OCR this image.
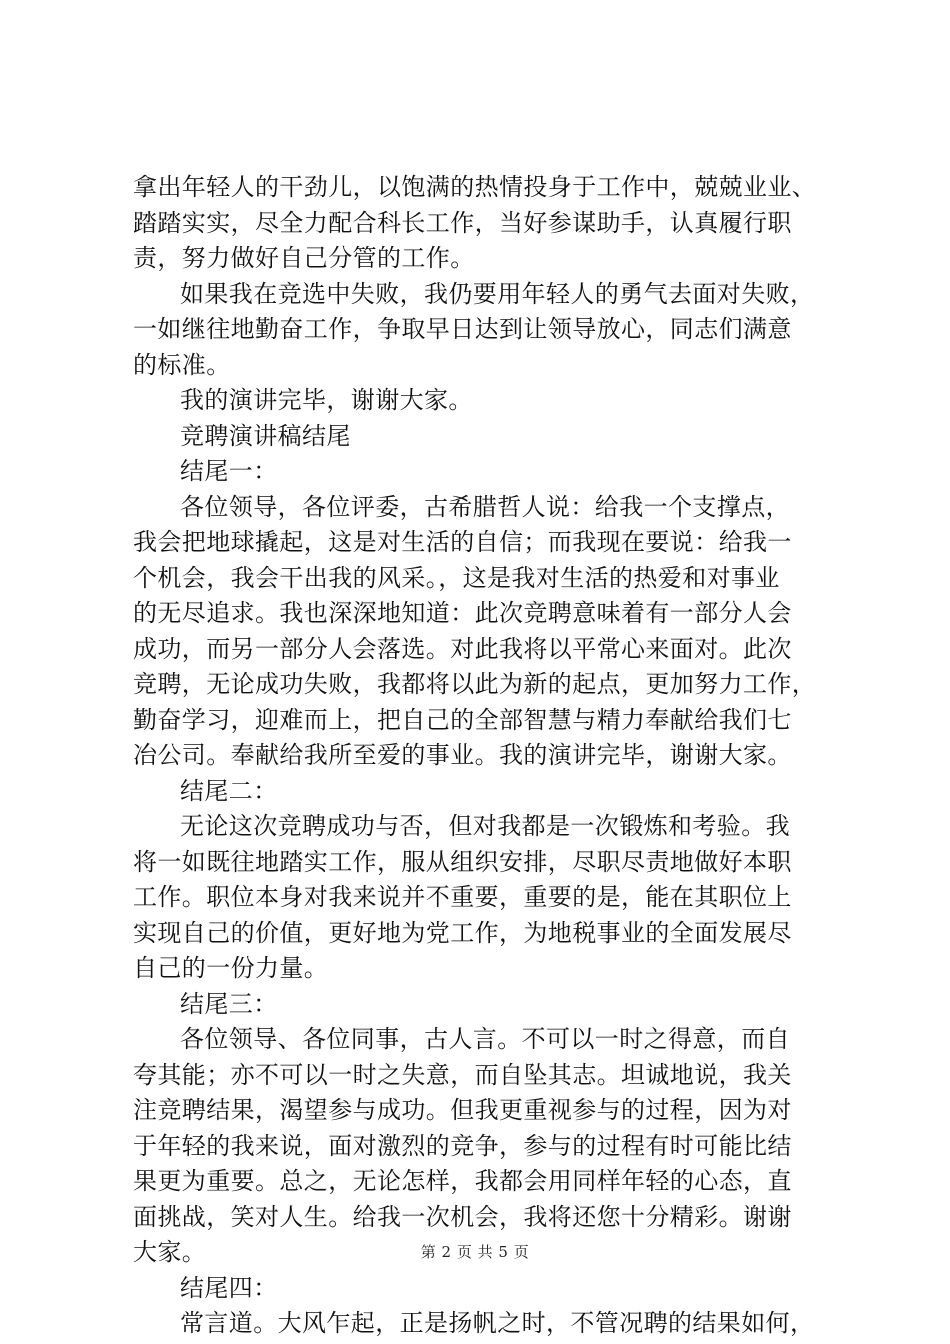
拿出年轻人的干劲儿，以饱满的热情投身于工作中，兢兢业业、
踏踏实实，尽全力配合科长工作，当好参谋助手，认真履行职
责，努力做好自己分管的工作。
如果我在竞选中失败，我仍要用年轻人的勇气去面对失败，
一如继往地勤奋工作，争取早日达到让领导放心，同志们满意
的标准。
我的演讲完毕，谢谢大家。
竞聘演讲稿结尾
结尾一：
各位领导，各位评委，古希腊哲人说：给我一个支撑点，
我会把地球撬起，这是对生活的自信；而我现在要说：给我一
个机会，我会干出我的风采。，这是我对生活的热爱和对事业
的无尽追求。我也深深地知道：此次竞聘意味着有一部分人会
成功，而另一部分人会落选。对此我将以平常心来面对。此次
竞聘，无论成功失败，我都将以此为新的起点，更加努力工作，
勤奋学习，迎难而上，把自己的全部智慧与精力奉献给我们七
冶公司。奉献给我所至爱的事业。我的演讲完毕，谢谢大家。
结尾二：
无论这次竞聘成功与否，但对我都是一次锻炼和考验。我
将一如既往地踏实工作，服从组织安排，尽职尽责地做好本职
工作。职位本身对我来说并不重要，重要的是，能在其职位上
实现自己的价值，更好地为党工作，为地税事业的全面发展尽
自己的一份力量。
结尾三：
各位领导、各位同事，古人言。不可以一时之得意，而自
夸其能；亦不可以一时之失意，而自坠其志。坦诚地说，我关
注竞聘结果，渴望参与成功。但我更重视参与的过程，因为对
于年轻的我来说，面对激烈的竞争，参与的过程有时可能比结
果更为重要。总之，无论怎样，我都会用同样年轻的心态，直
面挑战，笑对人生。给我一次机会，我将还您十分精彩。谢谢
大家。
结尾四：
常言道。大风乍起，正是扬帆之时，不管况聘的结果如何，
第 2 页 共 5 页
